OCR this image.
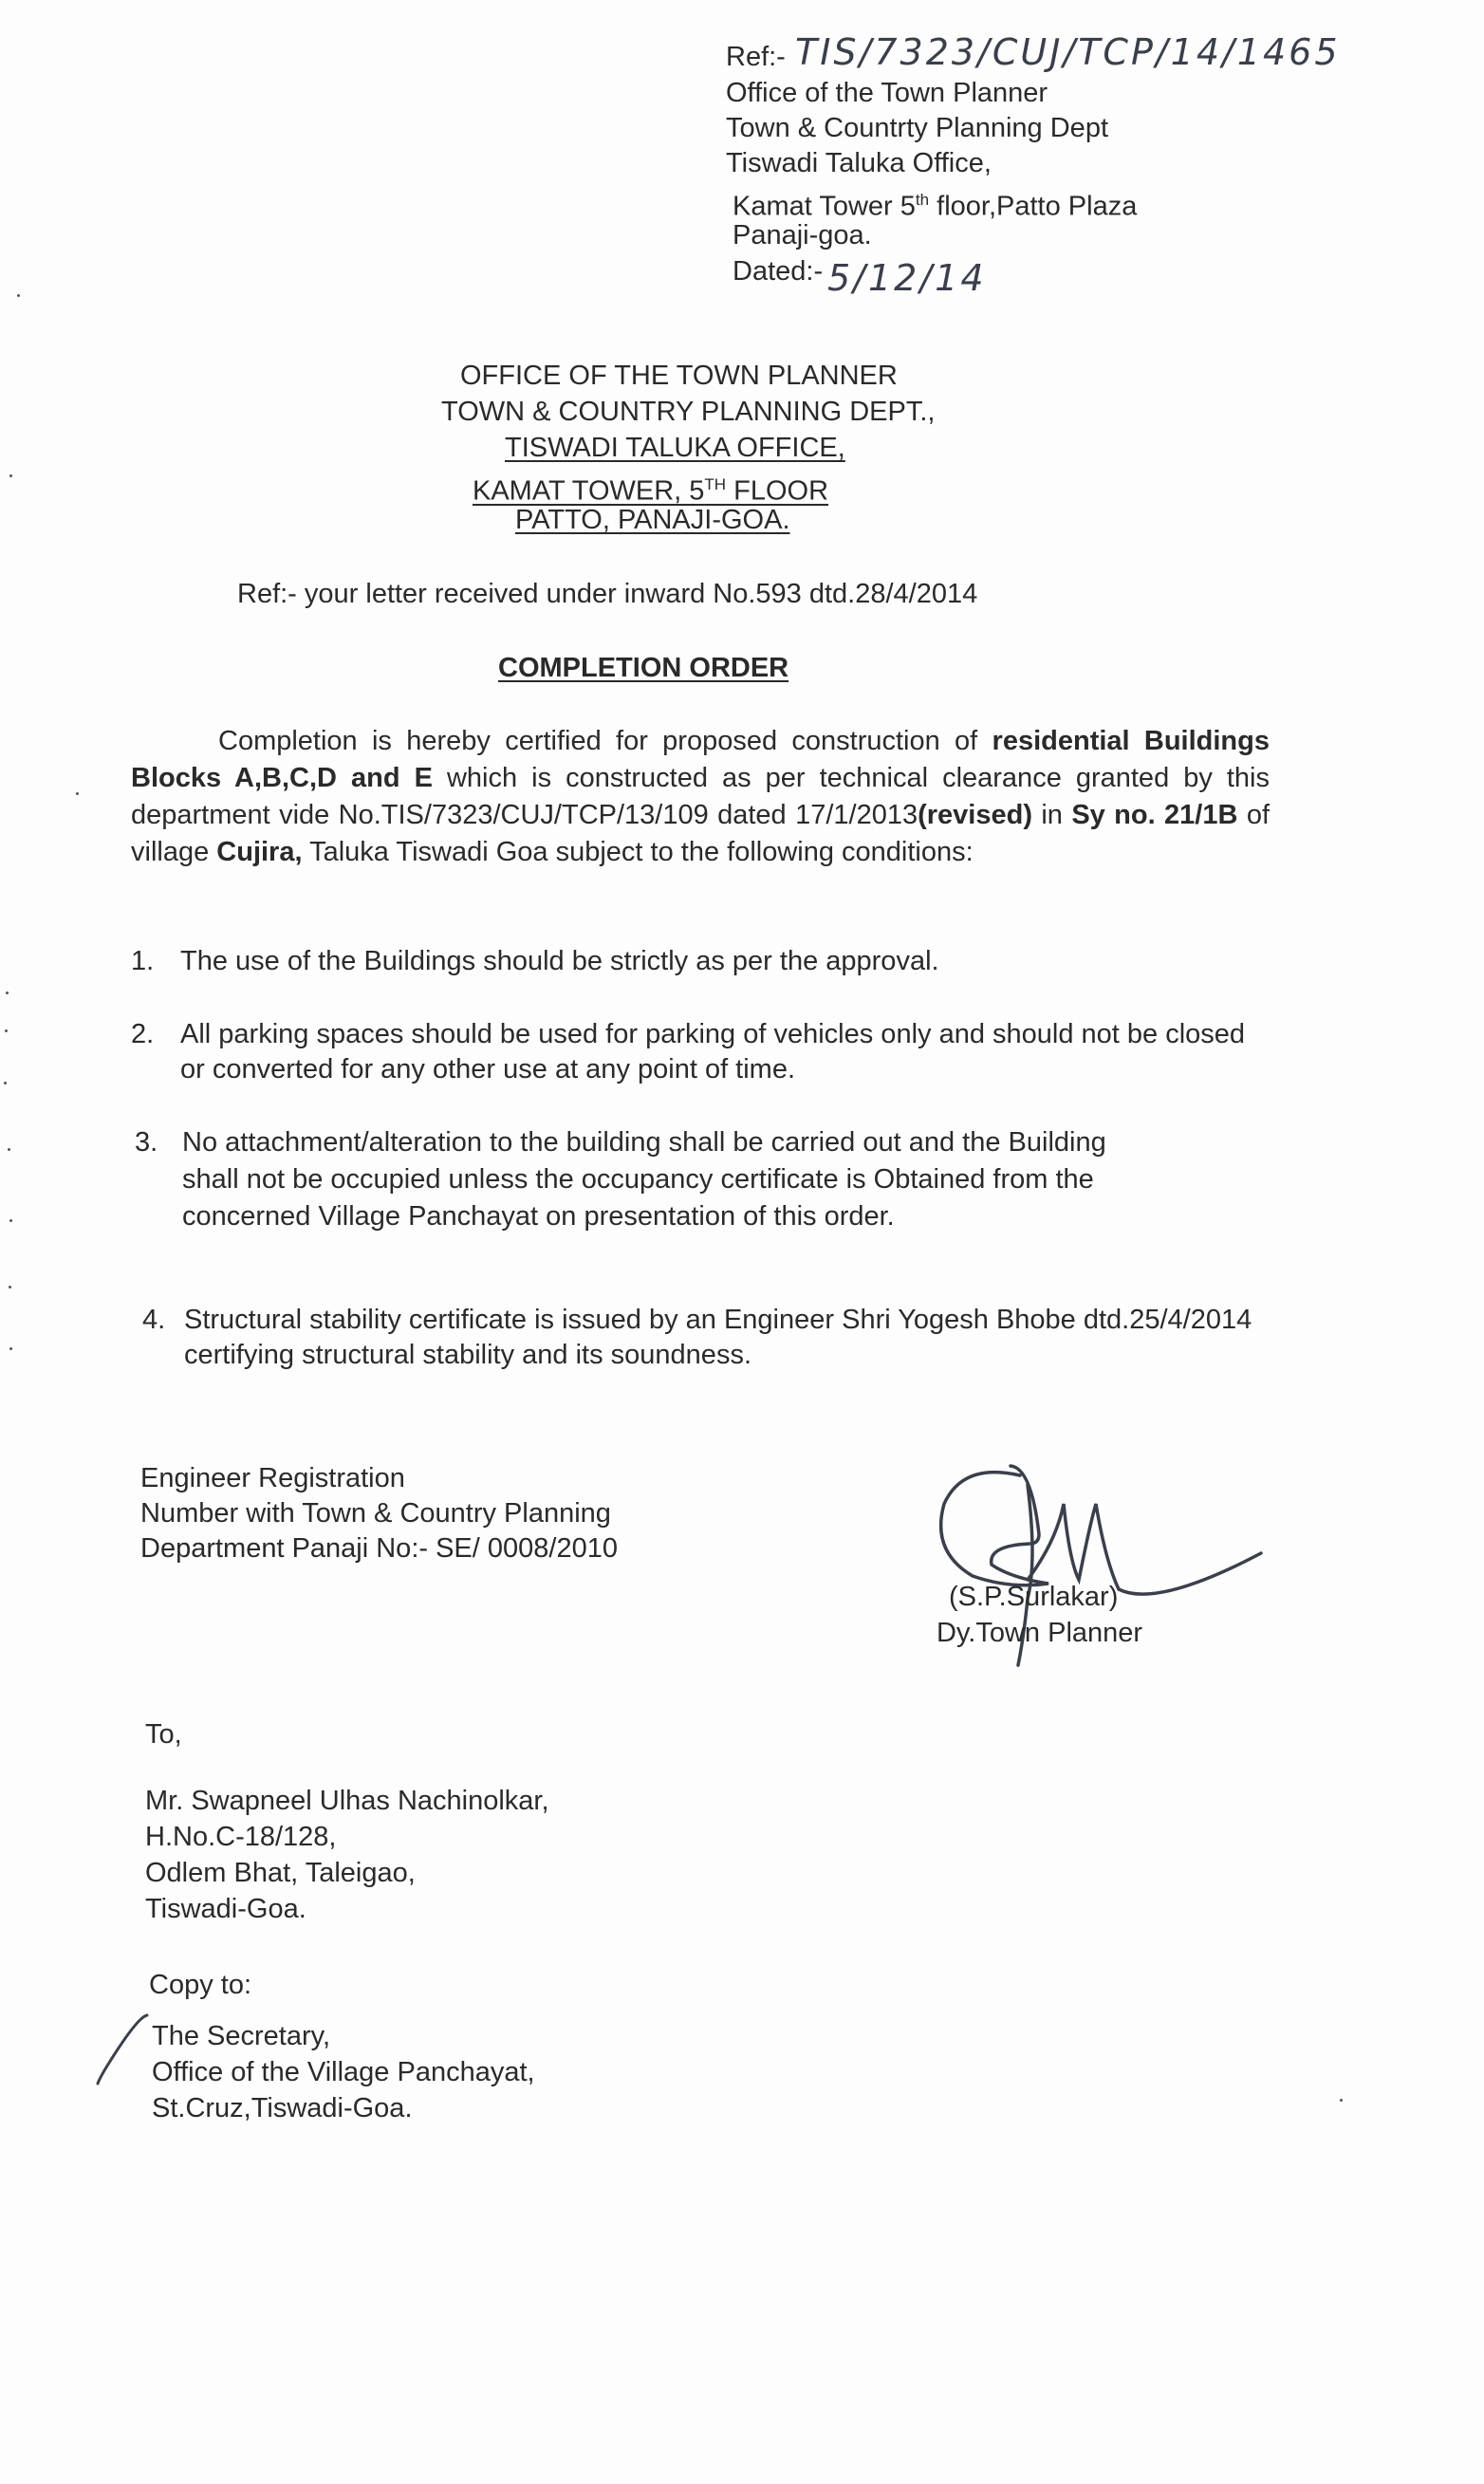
Ref:- TIS/7323/CUJ/TCP/14/1465
Office of the Town Planner
Town & Countrty Planning Dept
Tiswadi Taluka Office,
Kamat Tower 5th floor,Patto Plaza
Panaji-goa.
Dated:- 5/12/14
OFFICE OF THE TOWN PLANNER
TOWN & COUNTRY PLANNING DEPT.,
TISWADI TALUKA OFFICE,
KAMAT TOWER, 5TH FLOOR
PATTO, PANAJI-GOA.
Ref:- your letter received under inward No.593 dtd.28/4/2014
COMPLETION ORDER
Completion is hereby certified for proposed construction of residential Buildings Blocks A,B,C,D and E which is constructed as per technical clearance granted by this department vide No.TIS/7323/CUJ/TCP/13/109 dated 17/1/2013(revised) in Sy no. 21/1B of village Cujira, Taluka Tiswadi Goa subject to the following conditions:
1. The use of the Buildings should be strictly as per the approval.
2. All parking spaces should be used for parking of vehicles only and should not be closed or converted for any other use at any point of time.
3. No attachment/alteration to the building shall be carried out and the Building shall not be occupied unless the occupancy certificate is Obtained from the concerned Village Panchayat on presentation of this order.
4. Structural stability certificate is issued by an Engineer Shri Yogesh Bhobe dtd.25/4/2014 certifying structural stability and its soundness.
Engineer Registration
Number with Town & Country Planning
Department Panaji No:- SE/ 0008/2010
(S.P.Surlakar)
Dy.Town Planner
To,
Mr. Swapneel Ulhas Nachinolkar,
H.No.C-18/128,
Odlem Bhat, Taleigao,
Tiswadi-Goa.
Copy to:
The Secretary,
Office of the Village Panchayat,
St.Cruz,Tiswadi-Goa.
